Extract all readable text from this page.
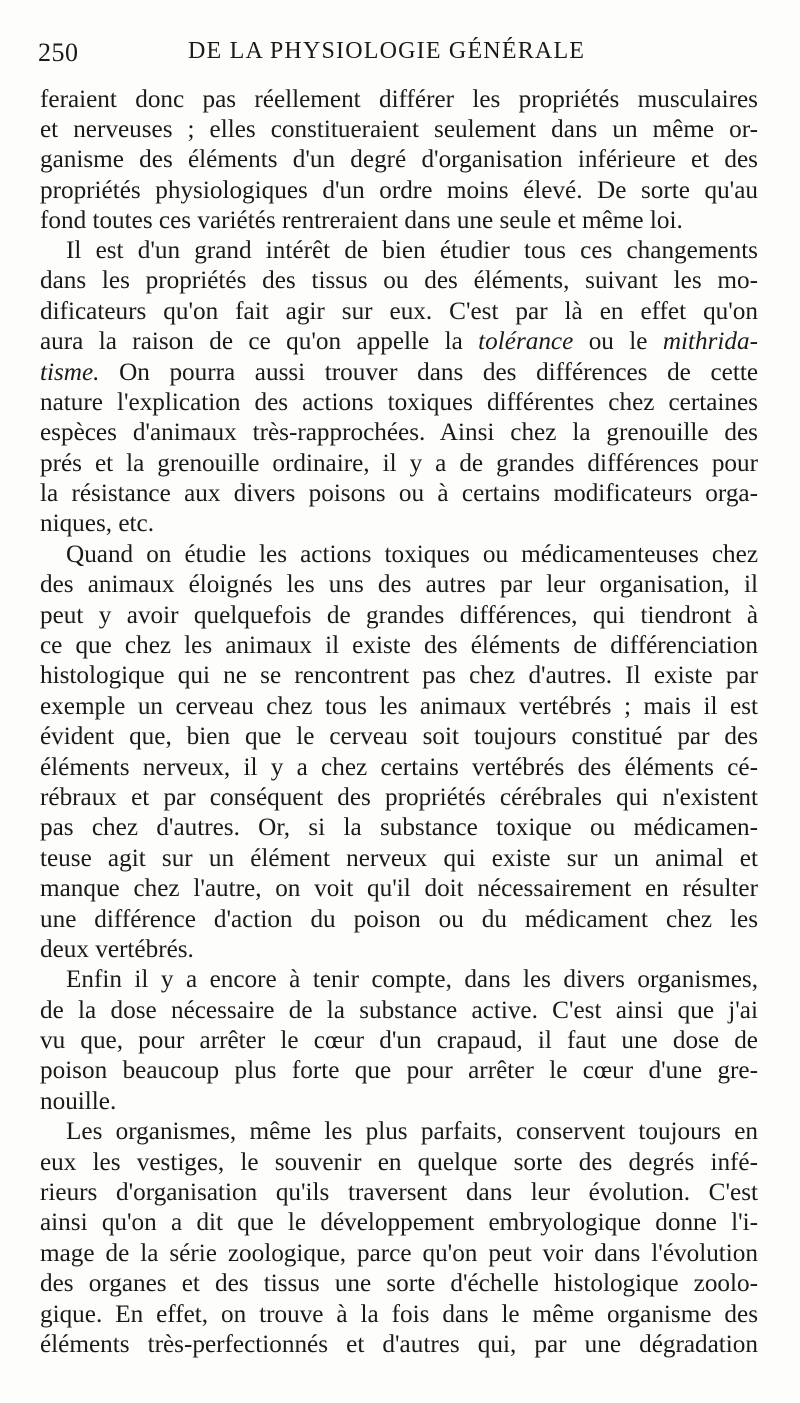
250	DE LA PHYSIOLOGIE GÉNÉRALE
feraient donc pas réellement différer les propriétés musculaires
et nerveuses ; elles constitueraient seulement dans un même or-
ganisme des éléments d'un degré d'organisation inférieure et des
propriétés physiologiques d'un ordre moins élevé. De sorte qu'au
fond toutes ces variétés rentreraient dans une seule et même loi.
Il est d'un grand intérêt de bien étudier tous ces changements
dans les propriétés des tissus ou des éléments, suivant les mo-
dificateurs qu'on fait agir sur eux. C'est par là en effet qu'on
aura la raison de ce qu'on appelle la tolérance ou le mithrida-
tisme. On pourra aussi trouver dans des différences de cette
nature l'explication des actions toxiques différentes chez certaines
espèces d'animaux très-rapprochées. Ainsi chez la grenouille des
prés et la grenouille ordinaire, il y a de grandes différences pour
la résistance aux divers poisons ou à certains modificateurs orga-
niques, etc.
Quand on étudie les actions toxiques ou médicamenteuses chez
des animaux éloignés les uns des autres par leur organisation, il
peut y avoir quelquefois de grandes différences, qui tiendront à
ce que chez les animaux il existe des éléments de différenciation
histologique qui ne se rencontrent pas chez d'autres. Il existe par
exemple un cerveau chez tous les animaux vertébrés ; mais il est
évident que, bien que le cerveau soit toujours constitué par des
éléments nerveux, il y a chez certains vertébrés des éléments cé-
rébraux et par conséquent des propriétés cérébrales qui n'existent
pas chez d'autres. Or, si la substance toxique ou médicamen-
teuse agit sur un élément nerveux qui existe sur un animal et
manque chez l'autre, on voit qu'il doit nécessairement en résulter
une différence d'action du poison ou du médicament chez les
deux vertébrés.
Enfin il y a encore à tenir compte, dans les divers organismes,
de la dose nécessaire de la substance active. C'est ainsi que j'ai
vu que, pour arrêter le cœur d'un crapaud, il faut une dose de
poison beaucoup plus forte que pour arrêter le cœur d'une gre-
nouille.
Les organismes, même les plus parfaits, conservent toujours en
eux les vestiges, le souvenir en quelque sorte des degrés infé-
rieurs d'organisation qu'ils traversent dans leur évolution. C'est
ainsi qu'on a dit que le développement embryologique donne l'i-
mage de la série zoologique, parce qu'on peut voir dans l'évolution
des organes et des tissus une sorte d'échelle histologique zoolo-
gique. En effet, on trouve à la fois dans le même organisme des
éléments très-perfectionnés et d'autres qui, par une dégradation
